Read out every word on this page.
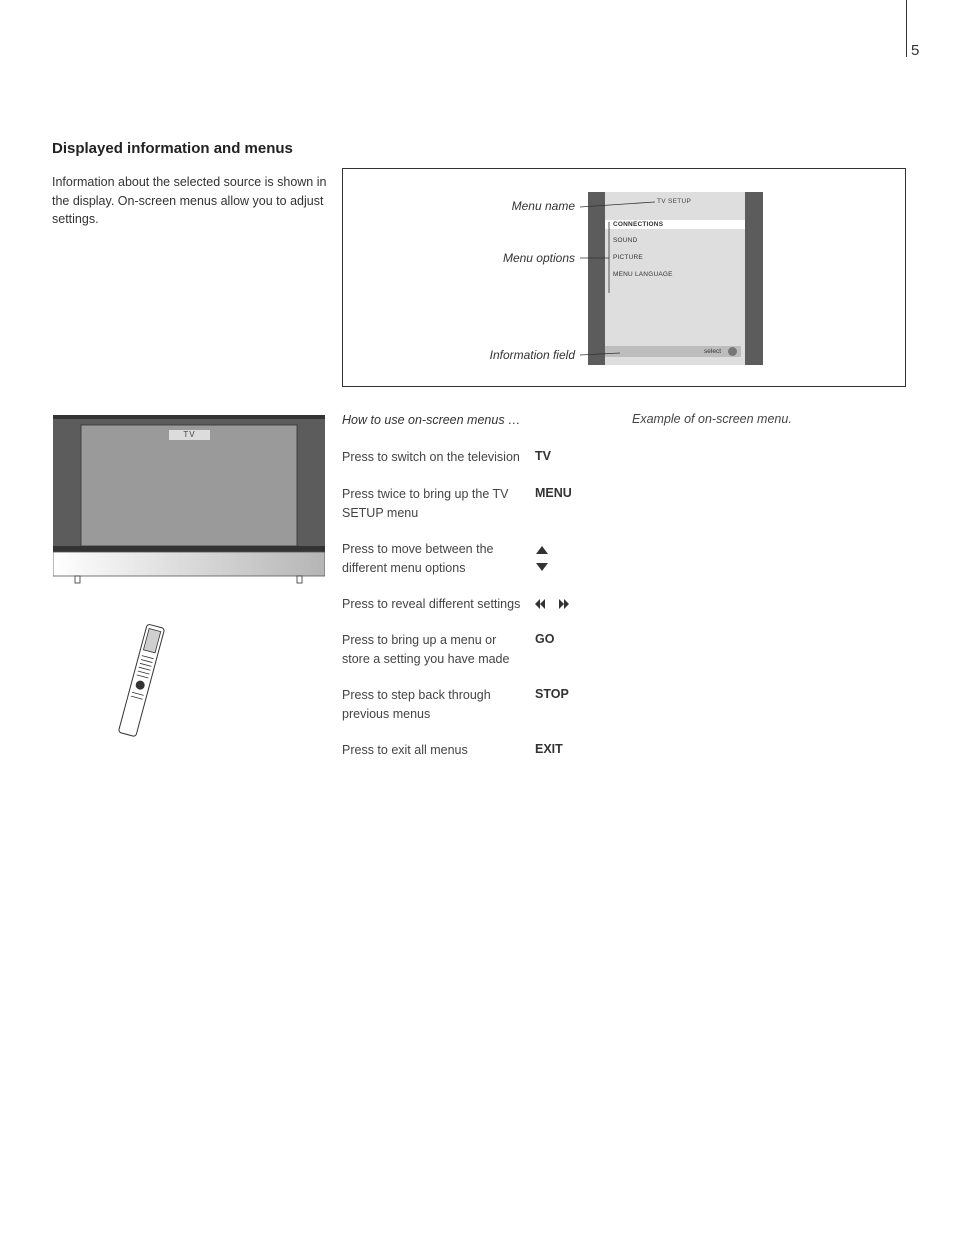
5
Displayed information and menus
Information about the selected source is shown in the display. On-screen menus allow you to adjust settings.
Menu name
Menu options
Information field
TV SETUP
CONNECTIONS
SOUND
PICTURE
MENU LANGUAGE
select
Example of on-screen menu.
TV
How to use on-screen menus …
Press to switch on the television	TV
Press twice to bring up the TV SETUP menu
MENU
Press to move between the different menu options
Press to reveal different settings
Press to bring up a menu or store a setting you have made
GO
Press to step back through previous menus
STOP
Press to exit all menus	EXIT
